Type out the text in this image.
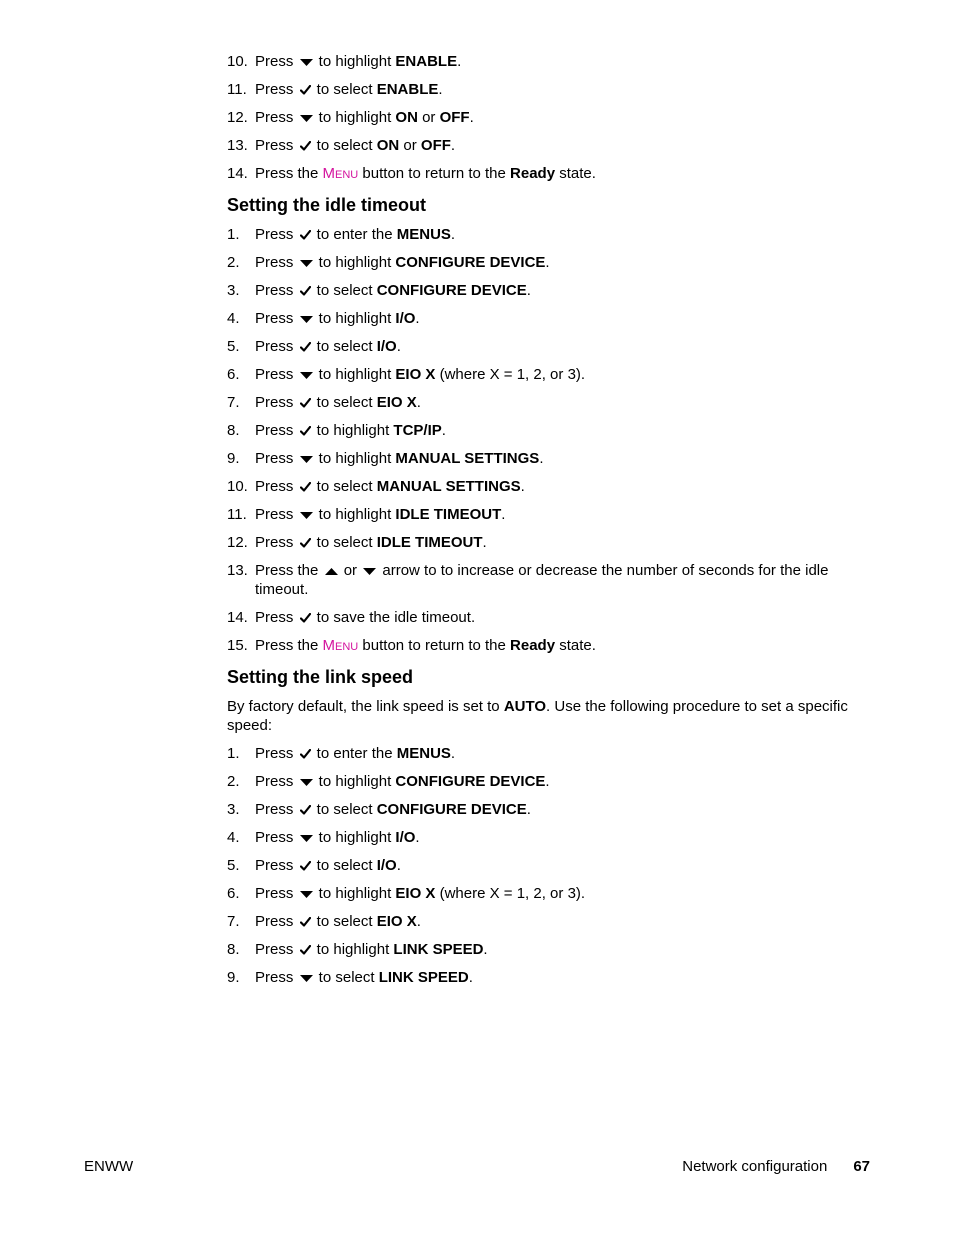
10. Press
to highlight ENABLE.
11. Press
to select ENABLE.
12. Press
to highlight ON or OFF.
13. Press
to select ON or OFF.
14. Press the MENU button to return to the Ready state.
Setting the idle timeout
1. Press
to enter the MENUS.
2. Press
to highlight CONFIGURE DEVICE.
3. Press
to select CONFIGURE DEVICE.
4. Press
to highlight I/O.
5. Press
to select I/O.
6. Press
to highlight EIO X (where X = 1, 2, or 3).
7. Press
to select EIO X.
8. Press
to highlight TCP/IP.
9. Press
to highlight MANUAL SETTINGS.
10. Press
to select MANUAL SETTINGS.
11. Press
to highlight IDLE TIMEOUT.
12. Press
to select IDLE TIMEOUT.
13. Press the
or
arrow to to increase or decrease the number of seconds for the idle timeout.
14. Press
to save the idle timeout.
15. Press the MENU button to return to the Ready state.
Setting the link speed

By factory default, the link speed is set to AUTO. Use the following procedure to set a specific speed:

1. Press
to enter the MENUS.
2. Press
to highlight CONFIGURE DEVICE.
3. Press
to select CONFIGURE DEVICE.
4. Press
to highlight I/O.
5. Press
to select I/O.
6. Press
to highlight EIO X (where X = 1, 2, or 3).
7. Press
to select EIO X.
8. Press
to highlight LINK SPEED.
9. Press
to select LINK SPEED.
ENWW	Network configuration 67
